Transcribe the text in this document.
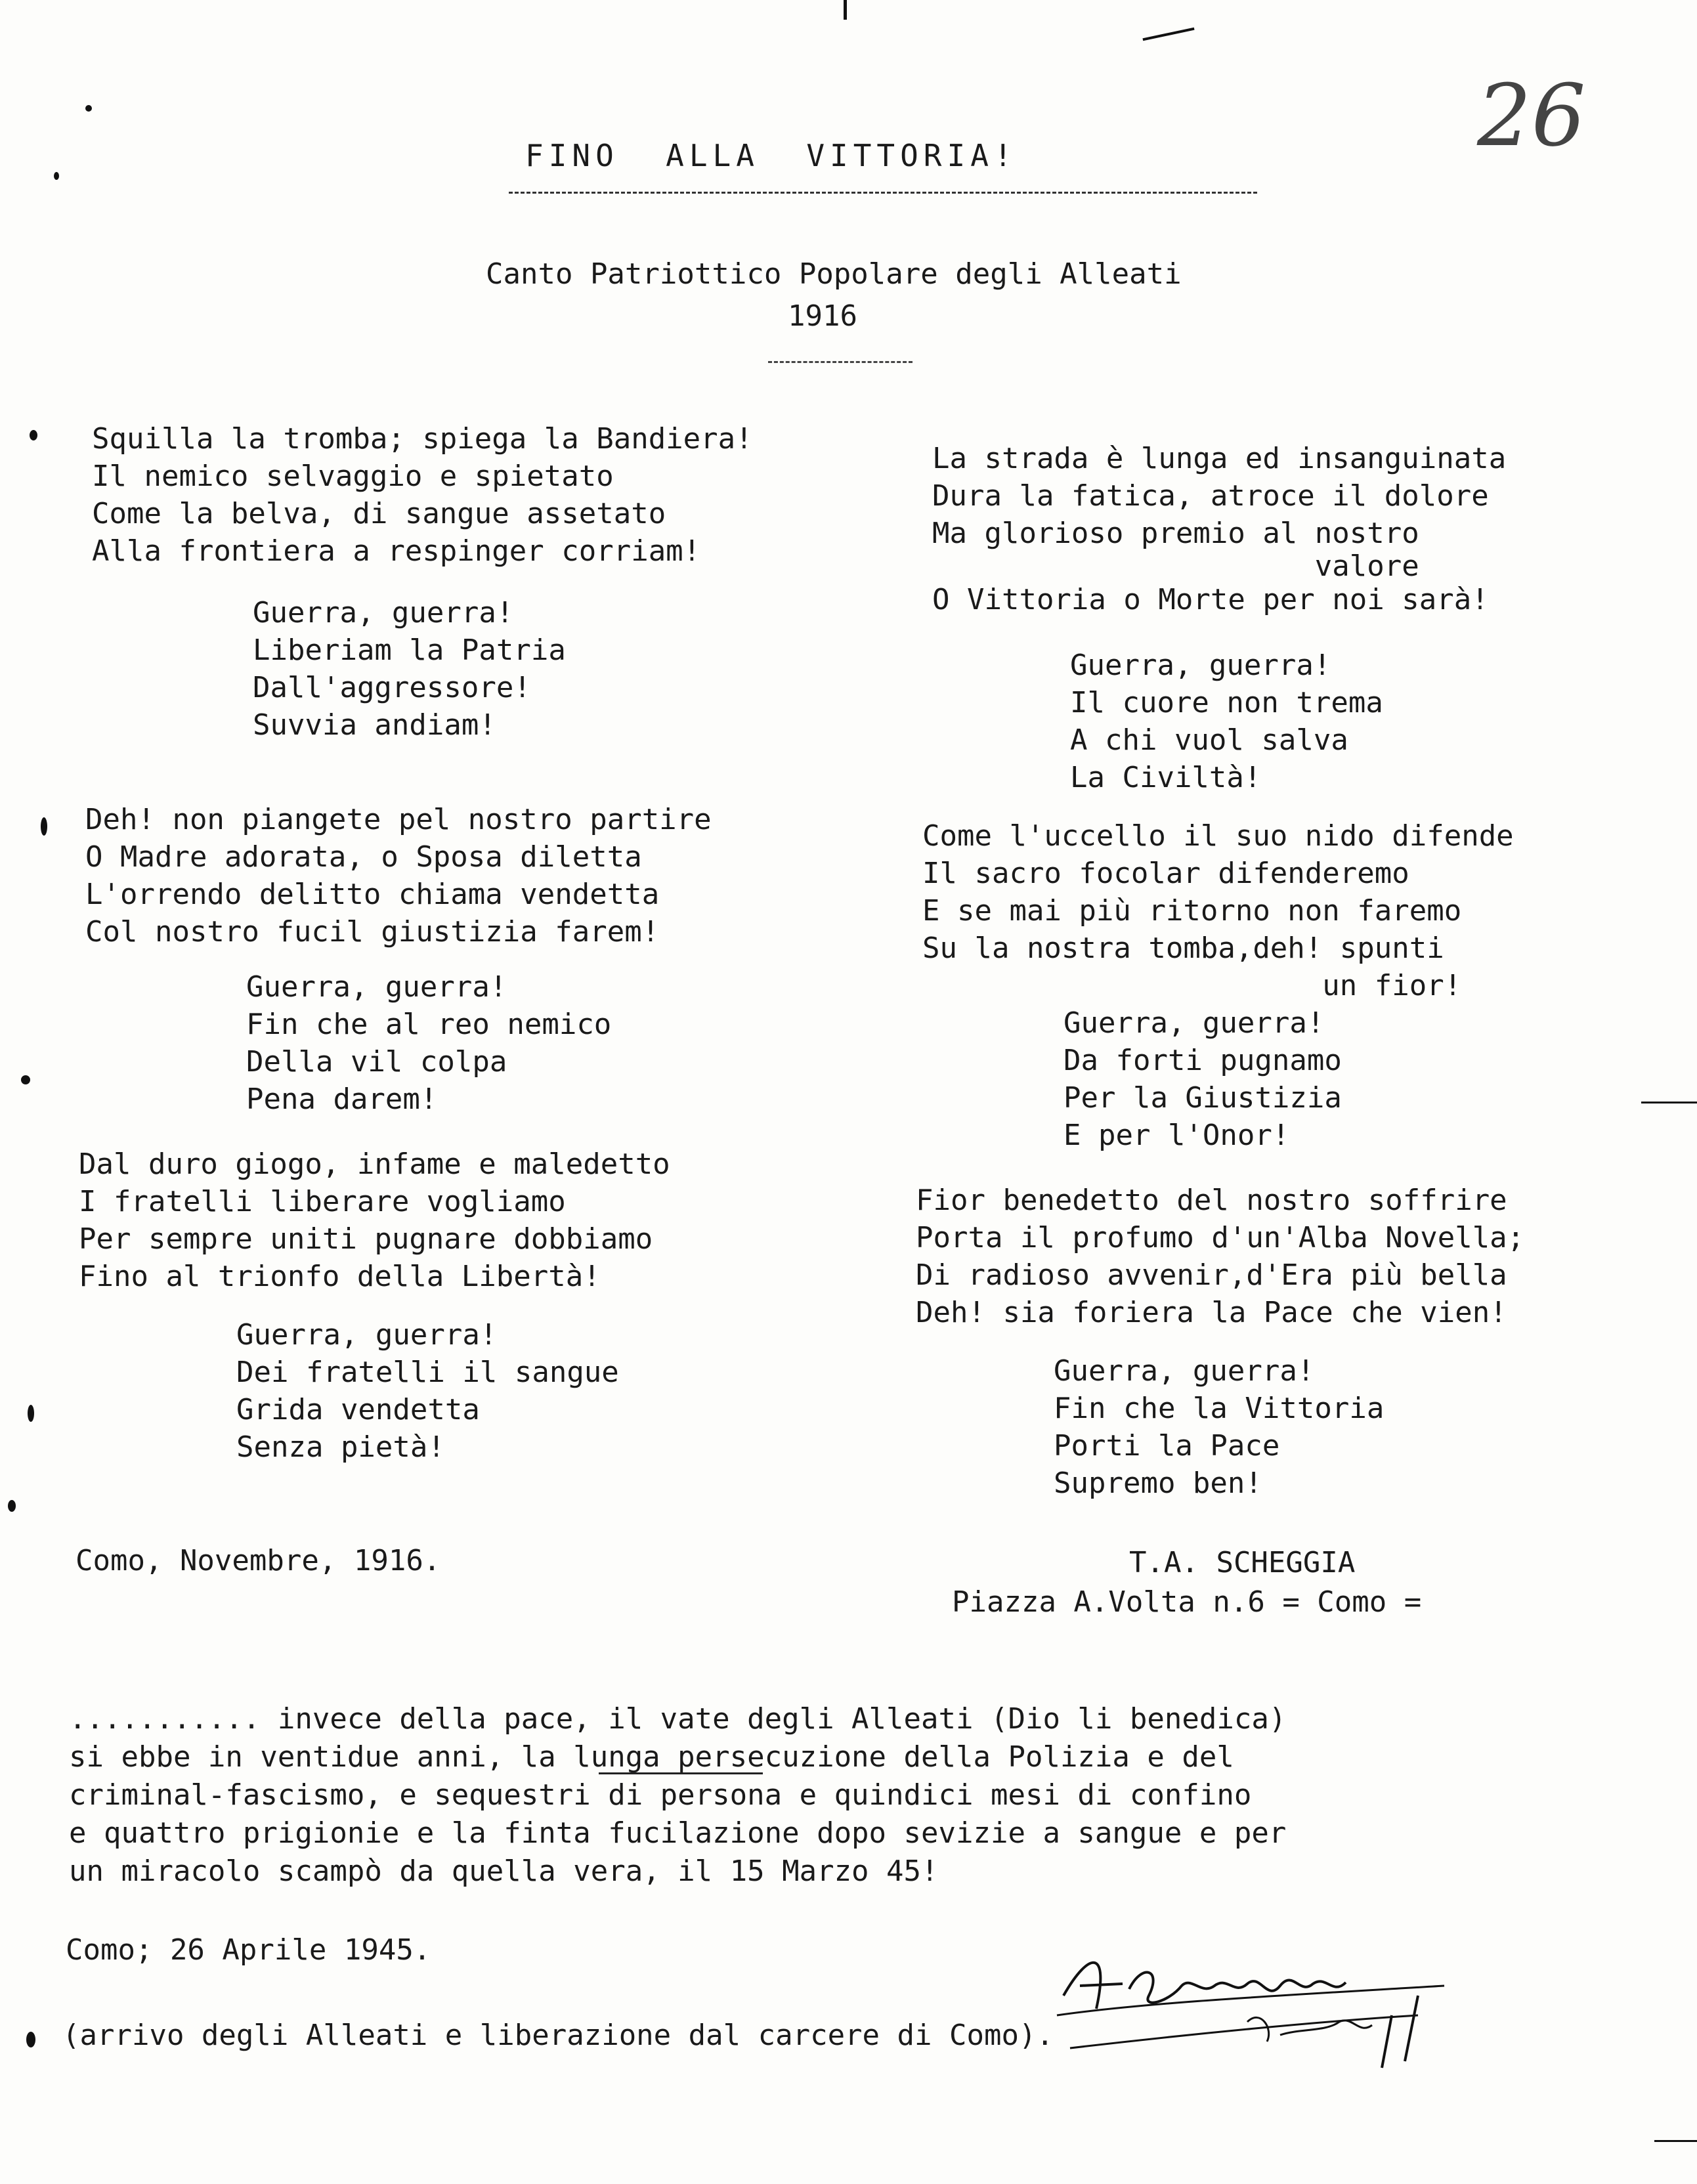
26
FINO  ALLA  VITTORIA!
Canto Patriottico Popolare degli Alleati
1916
Squilla la tromba; spiega la Bandiera!
Il nemico selvaggio e spietato
Come la belva, di sangue assetato
Alla frontiera a respinger corriam!
Guerra, guerra!
Liberiam la Patria
Dall'aggressore!
Suvvia andiam!
Deh! non piangete pel nostro partire
O Madre adorata, o Sposa diletta
L'orrendo delitto chiama vendetta
Col nostro fucil giustizia farem!
Guerra, guerra!
Fin che al reo nemico
Della vil colpa
Pena darem!
Dal duro giogo, infame e maledetto
I fratelli liberare vogliamo
Per sempre uniti pugnare dobbiamo
Fino al trionfo della Libertà!
Guerra, guerra!
Dei fratelli il sangue
Grida vendetta
Senza pietà!
La strada è lunga ed insanguinata
Dura la fatica, atroce il dolore
Ma glorioso premio al nostro
valore
O Vittoria o Morte per noi sarà!
Guerra, guerra!
Il cuore non trema
A chi vuol salva
La Civiltà!
Come l'uccello il suo nido difende
Il sacro focolar difenderemo
E se mai più ritorno non faremo
Su la nostra tomba,deh! spunti
un fior!
Guerra, guerra!
Da forti pugnamo
Per la Giustizia
E per l'Onor!
Fior benedetto del nostro soffrire
Porta il profumo d'un'Alba Novella;
Di radioso avvenir,d'Era più bella
Deh! sia foriera la Pace che vien!
Guerra, guerra!
Fin che la Vittoria
Porti la Pace
Supremo ben!
Como, Novembre, 1916.	T.A. SCHEGGIA
Piazza A.Volta n.6 = Como =
........... invece della pace, il vate degli Alleati (Dio li benedica)
si ebbe in ventidue anni, la lunga persecuzione della Polizia e del
criminal-fascismo, e sequestri di persona e quindici mesi di confino
e quattro prigionie e la finta fucilazione dopo sevizie a sangue e per
un miracolo scampò da quella vera, il 15 Marzo 45!
Como; 26 Aprile 1945.
(arrivo degli Alleati e liberazione dal carcere di Como).
